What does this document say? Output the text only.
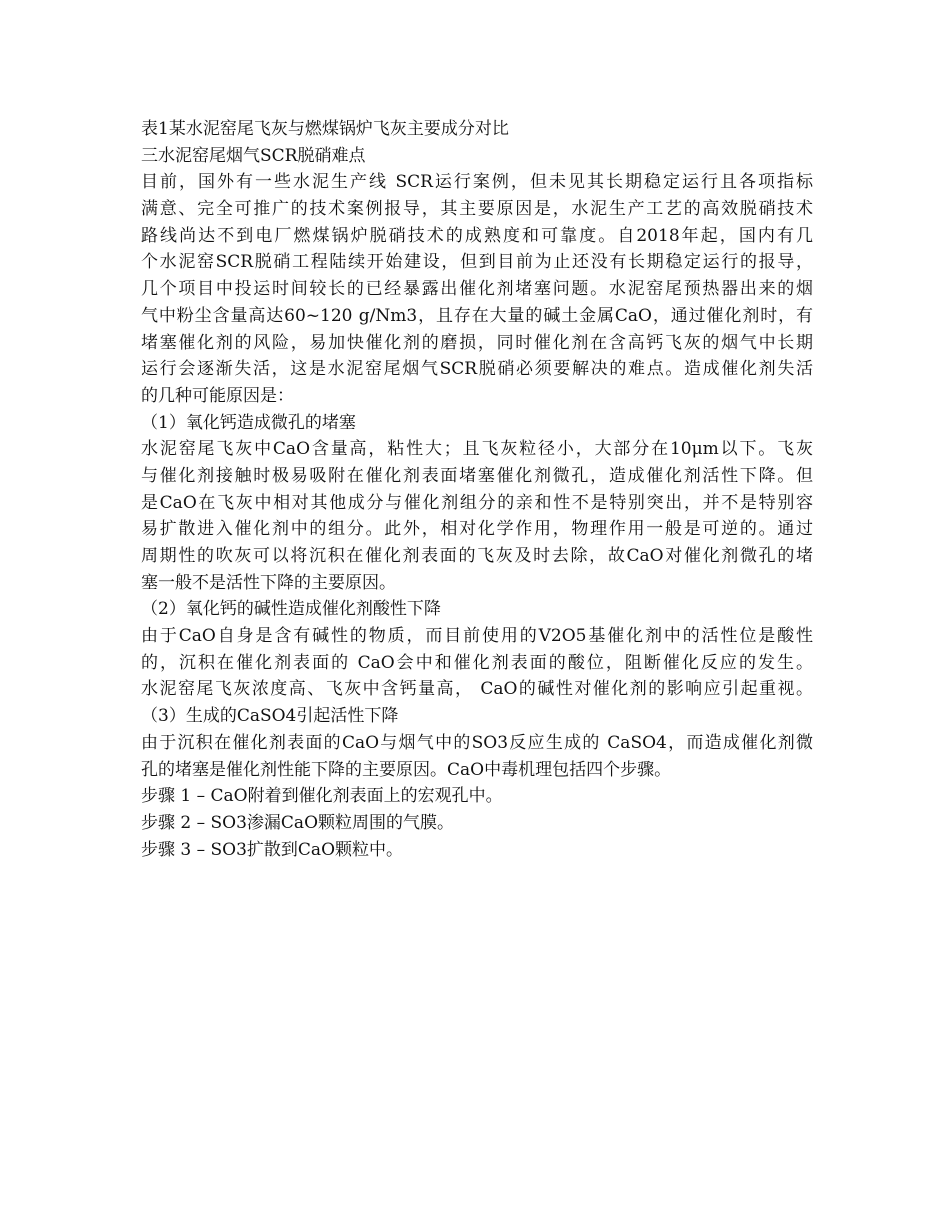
表1某水泥窑尾飞灰与燃煤锅炉飞灰主要成分对比
三水泥窑尾烟气SCR脱硝难点
目前，国外有一些水泥生产线 SCR运行案例，但未见其长期稳定运行且各项指标
满意、完全可推广的技术案例报导，其主要原因是，水泥生产工艺的高效脱硝技术
路线尚达不到电厂燃煤锅炉脱硝技术的成熟度和可靠度。自2018年起，国内有几
个水泥窑SCR脱硝工程陆续开始建设，但到目前为止还没有长期稳定运行的报导，
几个项目中投运时间较长的已经暴露出催化剂堵塞问题。水泥窑尾预热器出来的烟
气中粉尘含量高达60~120 g/Nm3，且存在大量的碱土金属CaO，通过催化剂时，有
堵塞催化剂的风险，易加快催化剂的磨损，同时催化剂在含高钙飞灰的烟气中长期
运行会逐渐失活，这是水泥窑尾烟气SCR脱硝必须要解决的难点。造成催化剂失活
的几种可能原因是：
（1）氧化钙造成微孔的堵塞
水泥窑尾飞灰中CaO含量高，粘性大；且飞灰粒径小，大部分在10μm以下。飞灰
与催化剂接触时极易吸附在催化剂表面堵塞催化剂微孔，造成催化剂活性下降。但
是CaO在飞灰中相对其他成分与催化剂组分的亲和性不是特别突出，并不是特别容
易扩散进入催化剂中的组分。此外，相对化学作用，物理作用一般是可逆的。通过
周期性的吹灰可以将沉积在催化剂表面的飞灰及时去除，故CaO对催化剂微孔的堵
塞一般不是活性下降的主要原因。
（2）氧化钙的碱性造成催化剂酸性下降
由于CaO自身是含有碱性的物质，而目前使用的V2O5基催化剂中的活性位是酸性
的，沉积在催化剂表面的 CaO会中和催化剂表面的酸位，阻断催化反应的发生。
水泥窑尾飞灰浓度高、飞灰中含钙量高， CaO的碱性对催化剂的影响应引起重视。
（3）生成的CaSO4引起活性下降
由于沉积在催化剂表面的CaO与烟气中的SO3反应生成的 CaSO4，而造成催化剂微
孔的堵塞是催化剂性能下降的主要原因。CaO中毒机理包括四个步骤。
步骤 1 – CaO附着到催化剂表面上的宏观孔中。
步骤 2 – SO3渗漏CaO颗粒周围的气膜。
步骤 3 – SO3扩散到CaO颗粒中。
